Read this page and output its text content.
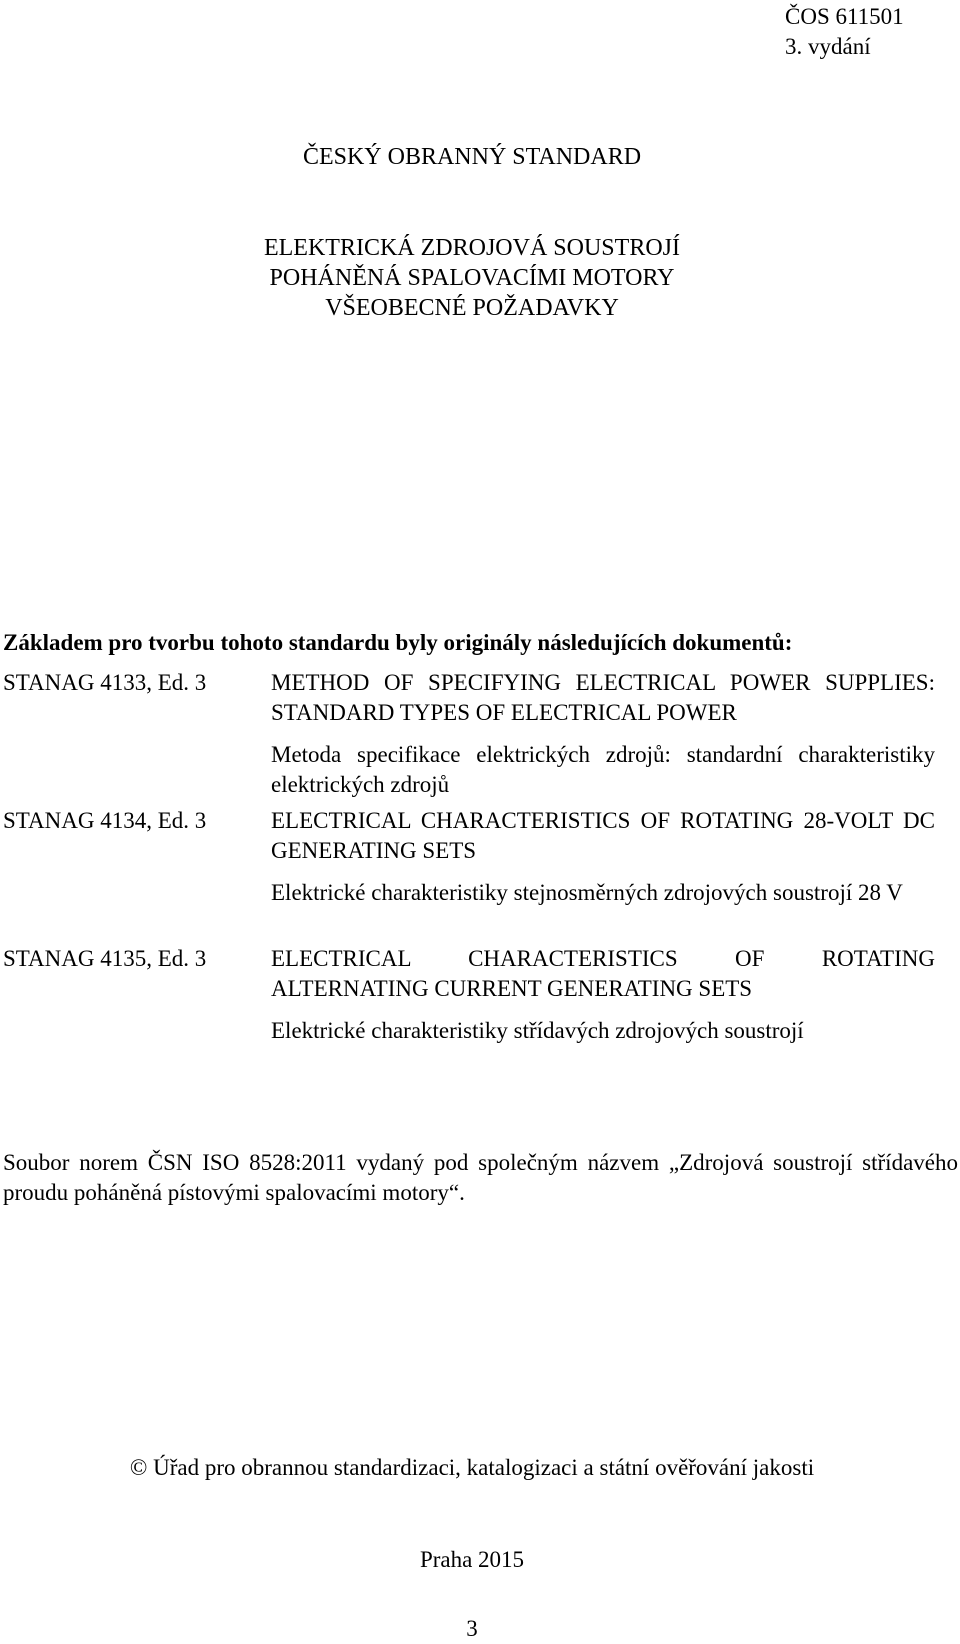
ČOS 611501
3. vydání
ČESKÝ OBRANNÝ STANDARD
ELEKTRICKÁ ZDROJOVÁ SOUSTROJÍ
POHÁNĚNÁ SPALOVACÍMI MOTORY
VŠEOBECNÉ POŽADAVKY
Základem pro tvorbu tohoto standardu byly originály následujících dokumentů:
STANAG 4133, Ed. 3	METHOD OF SPECIFYING ELECTRICAL POWER SUPPLIES: STANDARD TYPES OF ELECTRICAL POWER

Metoda specifikace elektrických zdrojů: standardní charakteristiky elektrických zdrojů

STANAG 4134, Ed. 3	ELECTRICAL CHARACTERISTICS OF ROTATING 28-VOLT DC GENERATING SETS

Elektrické charakteristiky stejnosměrných zdrojových soustrojí 28 V

STANAG 4135, Ed. 3	ELECTRICAL CHARACTERISTICS OF ROTATING ALTERNATING CURRENT GENERATING SETS

Elektrické charakteristiky střídavých zdrojových soustrojí

Soubor norem ČSN ISO 8528:2011 vydaný pod společným názvem „Zdrojová soustrojí střídavého proudu poháněná pístovými spalovacími motory“.
© Úřad pro obrannou standardizaci, katalogizaci a státní ověřování jakosti
Praha 2015
3
